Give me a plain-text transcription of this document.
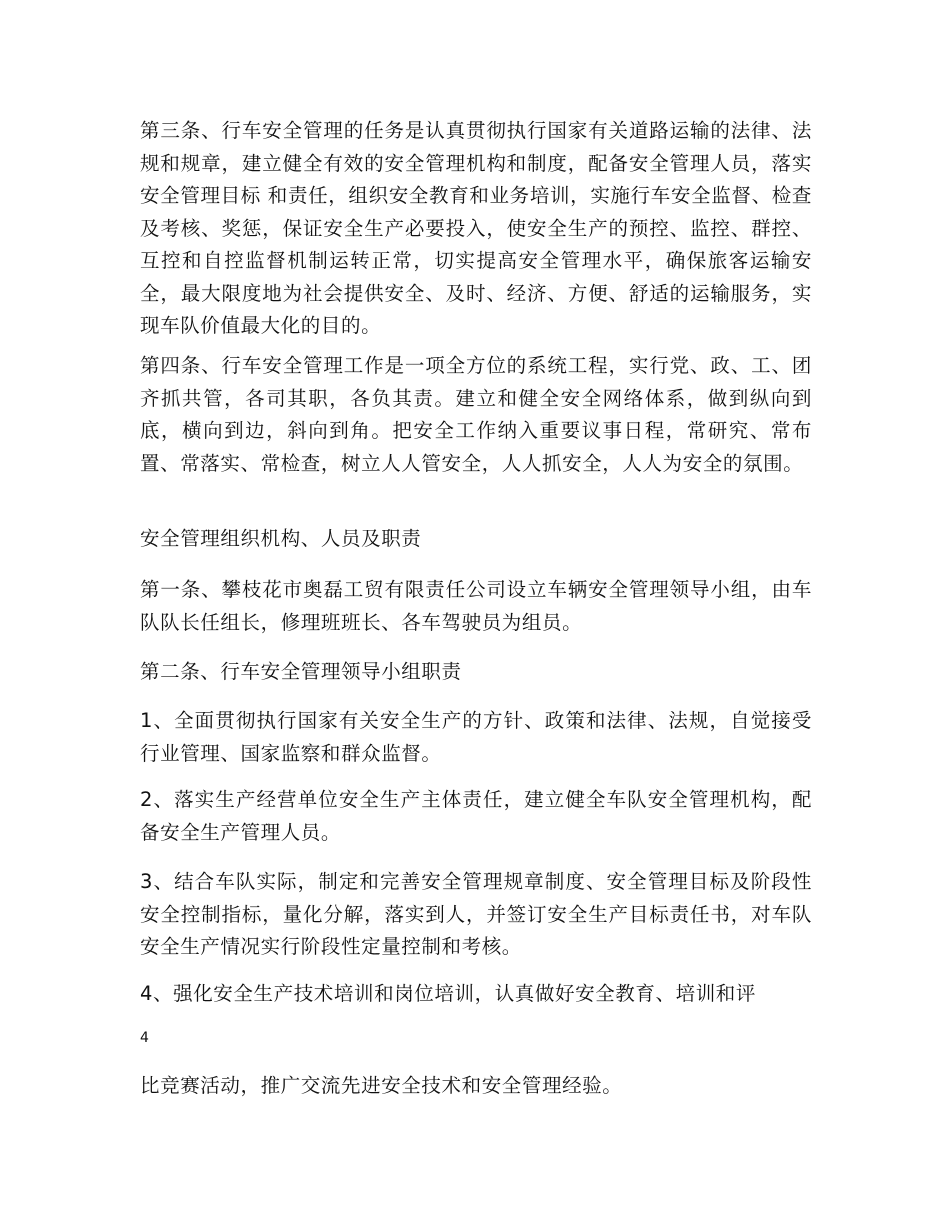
第三条、行车安全管理的任务是认真贯彻执行国家有关道路运输的法律、法规和规章，建立健全有效的安全管理机构和制度，配备安全管理人员，落实安全管理目标 和责任，组织安全教育和业务培训，实施行车安全监督、检查及考核、奖惩，保证安全生产必要投入，使安全生产的预控、监控、群控、互控和自控监督机制运转正常，切实提高安全管理水平，确保旅客运输安全，最大限度地为社会提供安全、及时、经济、方便、舒适的运输服务，实现车队价值最大化的目的。

第四条、行车安全管理工作是一项全方位的系统工程，实行党、政、工、团齐抓共管，各司其职，各负其责。建立和健全安全网络体系，做到纵向到底，横向到边，斜向到角。把安全工作纳入重要议事日程，常研究、常布置、常落实、常检查，树立人人管安全，人人抓安全，人人为安全的氛围。

安全管理组织机构、人员及职责

第一条、攀枝花市奥磊工贸有限责任公司设立车辆安全管理领导小组，由车队队长任组长，修理班班长、各车驾驶员为组员。

第二条、行车安全管理领导小组职责

1、全面贯彻执行国家有关安全生产的方针、政策和法律、法规，自觉接受行业管理、国家监察和群众监督。

2、落实生产经营单位安全生产主体责任，建立健全车队安全管理机构，配备安全生产管理人员。

3、结合车队实际，制定和完善安全管理规章制度、安全管理目标及阶段性安全控制指标，量化分解，落实到人，并签订安全生产目标责任书，对车队安全生产情况实行阶段性定量控制和考核。

4、强化安全生产技术培训和岗位培训，认真做好安全教育、培训和评

4

比竞赛活动，推广交流先进安全技术和安全管理经验。
